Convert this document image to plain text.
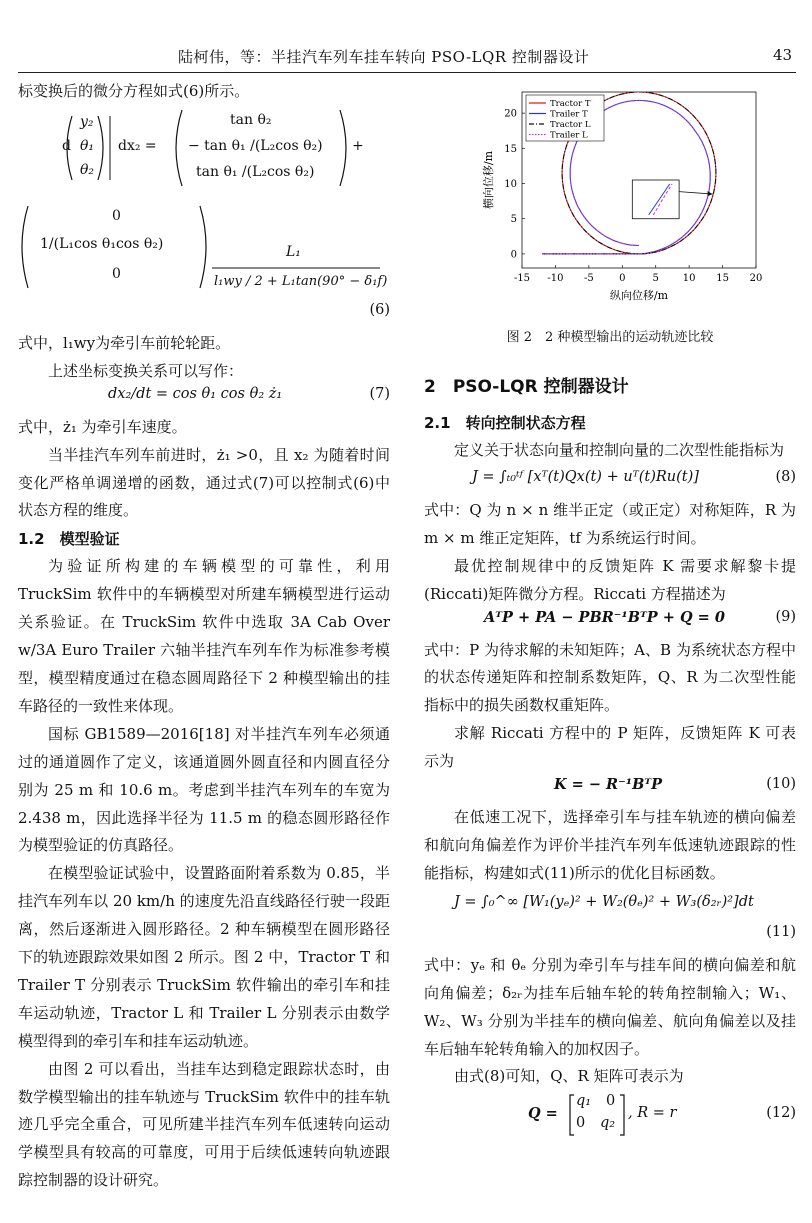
陆柯伟，等：半挂汽车列车挂车转向 PSO-LQR 控制器设计	43

标变换后的微分方程如式(6)所示。

d
y₂
θ₁
θ₂
dx₂ =
tan θ₂
− tan θ₁ /(L₂cos θ₂)
tan θ₁ /(L₂cos θ₂)
+
0
1/(L₁cos θ₁cos θ₂)
0
L₁
l₁wy / 2 + L₁tan(90° − δ₁f)
(6)

式中，l₁wy为牵引车前轮轮距。

上述坐标变换关系可以写作：

dx₂/dt = cos θ₁ cos θ₂ ż₁	(7)

式中，ż₁ 为牵引车速度。

当半挂汽车列车前进时，ż₁ >0，且 x₂ 为随着时间变化严格单调递增的函数，通过式(7)可以控制式(6)中状态方程的维度。

1.2　模型验证

为验证所构建的车辆模型的可靠性，利用 TruckSim 软件中的车辆模型对所建车辆模型进行运动关系验证。在 TruckSim 软件中选取 3A Cab Over w/3A Euro Trailer 六轴半挂汽车列车作为标准参考模型，模型精度通过在稳态圆周路径下 2 种模型输出的挂车路径的一致性来体现。

国标 GB1589—2016[18] 对半挂汽车列车必须通过的通道圆作了定义，该通道圆外圆直径和内圆直径分别为 25 m 和 10.6 m。考虑到半挂汽车列车的车宽为 2.438 m，因此选择半径为 11.5 m 的稳态圆形路径作为模型验证的仿真路径。

在模型验证试验中，设置路面附着系数为 0.85，半挂汽车列车以 20 km/h 的速度先沿直线路径行驶一段距离，然后逐渐进入圆形路径。2 种车辆模型在圆形路径下的轨迹跟踪效果如图 2 所示。图 2 中，Tractor T 和 Trailer T 分别表示 TruckSim 软件输出的牵引车和挂车运动轨迹，Tractor L 和 Trailer L 分别表示由数学模型得到的牵引车和挂车运动轨迹。

由图 2 可以看出，当挂车达到稳定跟踪状态时，由数学模型输出的挂车轨迹与 TruckSim 软件中的挂车轨迹几乎完全重合，可见所建半挂汽车列车低速转向运动学模型具有较高的可靠度，可用于后续低速转向轨迹跟踪控制器的设计研究。

-15 -10 -5	0	5 10 15 20
0
5
10
15
20
纵向位移/m
横向位移/m
Tractor T
Trailer T
Tractor L
Trailer L
图 2　2 种模型输出的运动轨迹比较
2　PSO-LQR 控制器设计
2.1　转向控制状态方程

定义关于状态向量和控制向量的二次型性能指标为

J = ∫ₜ₀ᵗᶠ [xᵀ(t)Qx(t) + uᵀ(t)Ru(t)]	(8)

式中：Q 为 n × n 维半正定（或正定）对称矩阵，R 为m × m 维正定矩阵，tf 为系统运行时间。

最优控制规律中的反馈矩阵 K 需要求解黎卡提(Riccati)矩阵微分方程。Riccati 方程描述为

AᵀP + PA − PBR⁻¹BᵀP + Q = 0	(9)

式中：P 为待求解的未知矩阵；A、B 为系统状态方程中的状态传递矩阵和控制系数矩阵，Q、R 为二次型性能指标中的损失函数权重矩阵。

求解 Riccati 方程中的 P 矩阵，反馈矩阵 K 可表示为

K = − R⁻¹BᵀP	(10)

在低速工况下，选择牵引车与挂车轨迹的横向偏差和航向角偏差作为评价半挂汽车列车低速轨迹跟踪的性能指标，构建如式(11)所示的优化目标函数。

J = ∫₀^∞ [W₁(yₑ)² + W₂(θₑ)² + W₃(δ₂ᵣ)²]dt
(11)

式中：yₑ 和 θₑ 分别为牵引车与挂车间的横向偏差和航向角偏差；δ₂ᵣ为挂车后轴车轮的转角控制输入；W₁、W₂、W₃ 分别为半挂车的横向偏差、航向角偏差以及挂车后轴车轮转角输入的加权因子。

由式(8)可知，Q、R 矩阵可表示为

Q =
q₁ 0
0 q₂
, R = r	(12)
